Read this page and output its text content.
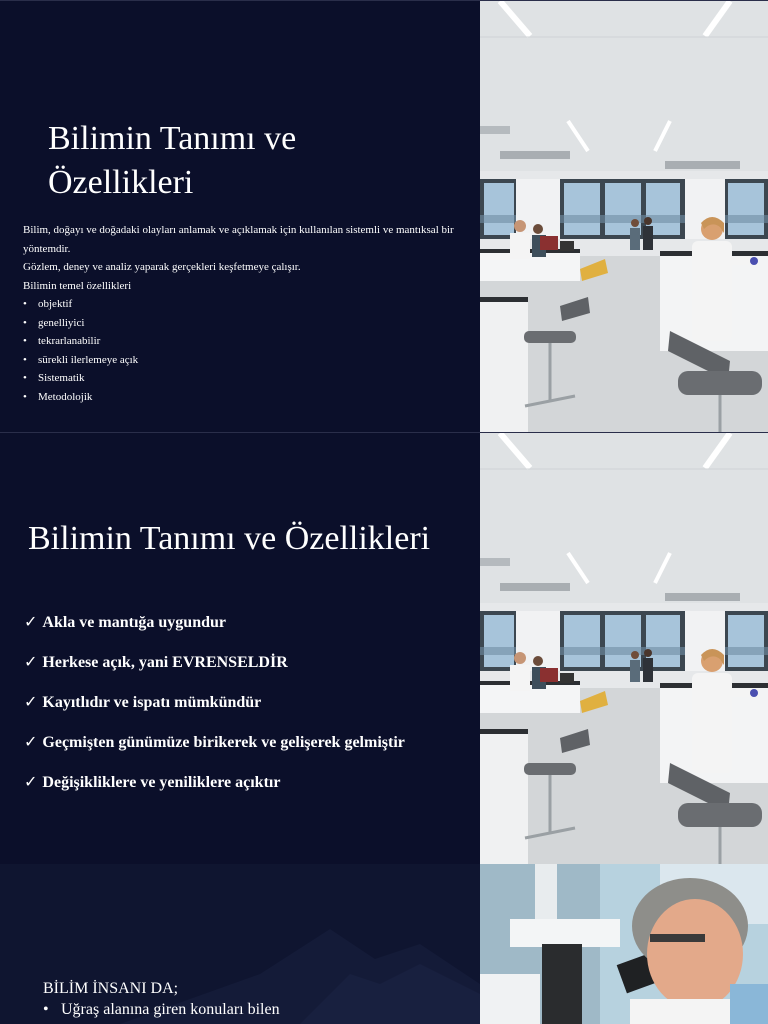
Bilimin Tanımı ve Özellikleri

Bilim, doğayı ve doğadaki olayları anlamak ve açıklamak için kullanılan sistemli ve mantıksal bir yöntemdir.

Gözlem, deney ve analiz yaparak gerçekleri keşfetmeye çalışır.

Bilimin temel özellikleri

• objektif
• genelliyici
• tekrarlanabilir
• sürekli ilerlemeye açık
• Sistematik
• Metodolojik
Bilimin Tanımı ve Özellikleri
✓ Akla ve mantığa uygundur
✓ Herkese açık, yani EVRENSELDİR
✓ Kayıtlıdır ve ispatı mümkündür
✓ Geçmişten günümüze birikerek ve gelişerek gelmiştir
✓ Değişikliklere ve yeniliklere açıktır
BİLİM İNSANI DA;
• Uğraş alanına giren konuları bilen
